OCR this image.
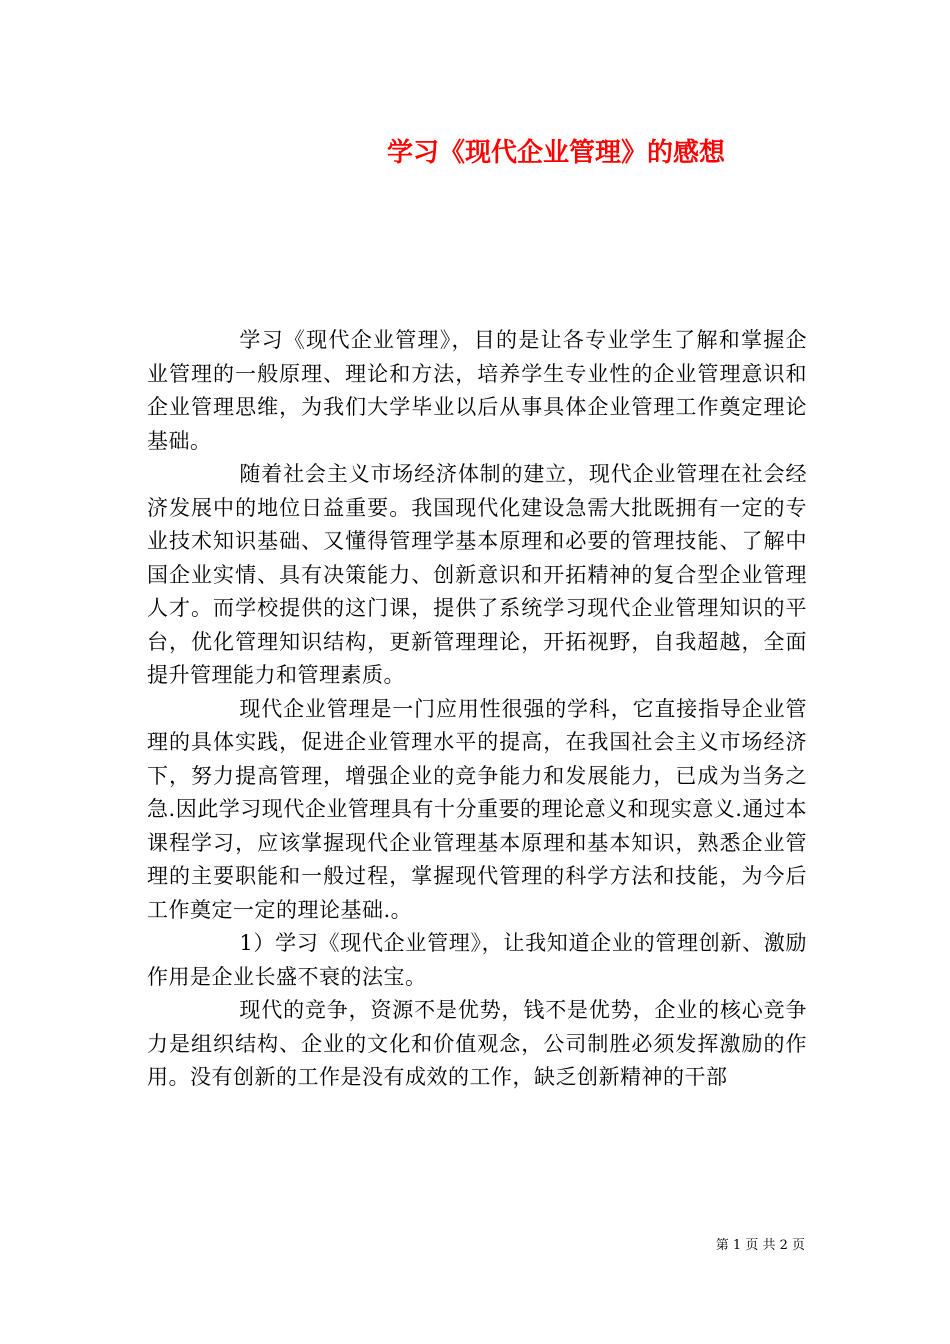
学习《现代企业管理》的感想

学习《现代企业管理》，目的是让各专业学生了解和掌握企业管理的一般原理、理论和方法，培养学生专业性的企业管理意识和企业管理思维，为我们大学毕业以后从事具体企业管理工作奠定理论基础。

随着社会主义市场经济体制的建立，现代企业管理在社会经济发展中的地位日益重要。我国现代化建设急需大批既拥有一定的专业技术知识基础、又懂得管理学基本原理和必要的管理技能、了解中国企业实情、具有决策能力、创新意识和开拓精神的复合型企业管理人才。而学校提供的这门课，提供了系统学习现代企业管理知识的平台，优化管理知识结构，更新管理理论，开拓视野，自我超越，全面提升管理能力和管理素质。

现代企业管理是一门应用性很强的学科，它直接指导企业管理的具体实践，促进企业管理水平的提高，在我国社会主义市场经济下，努力提高管理，增强企业的竞争能力和发展能力，已成为当务之急.因此学习现代企业管理具有十分重要的理论意义和现实意义.通过本课程学习，应该掌握现代企业管理基本原理和基本知识，熟悉企业管理的主要职能和一般过程，掌握现代管理的科学方法和技能，为今后工作奠定一定的理论基础.。

1）学习《现代企业管理》，让我知道企业的管理创新、激励作用是企业长盛不衰的法宝。

现代的竞争，资源不是优势，钱不是优势，企业的核心竞争力是组织结构、企业的文化和价值观念，公司制胜必须发挥激励的作用。没有创新的工作是没有成效的工作，缺乏创新精神的干部

第 1 页 共 2 页
